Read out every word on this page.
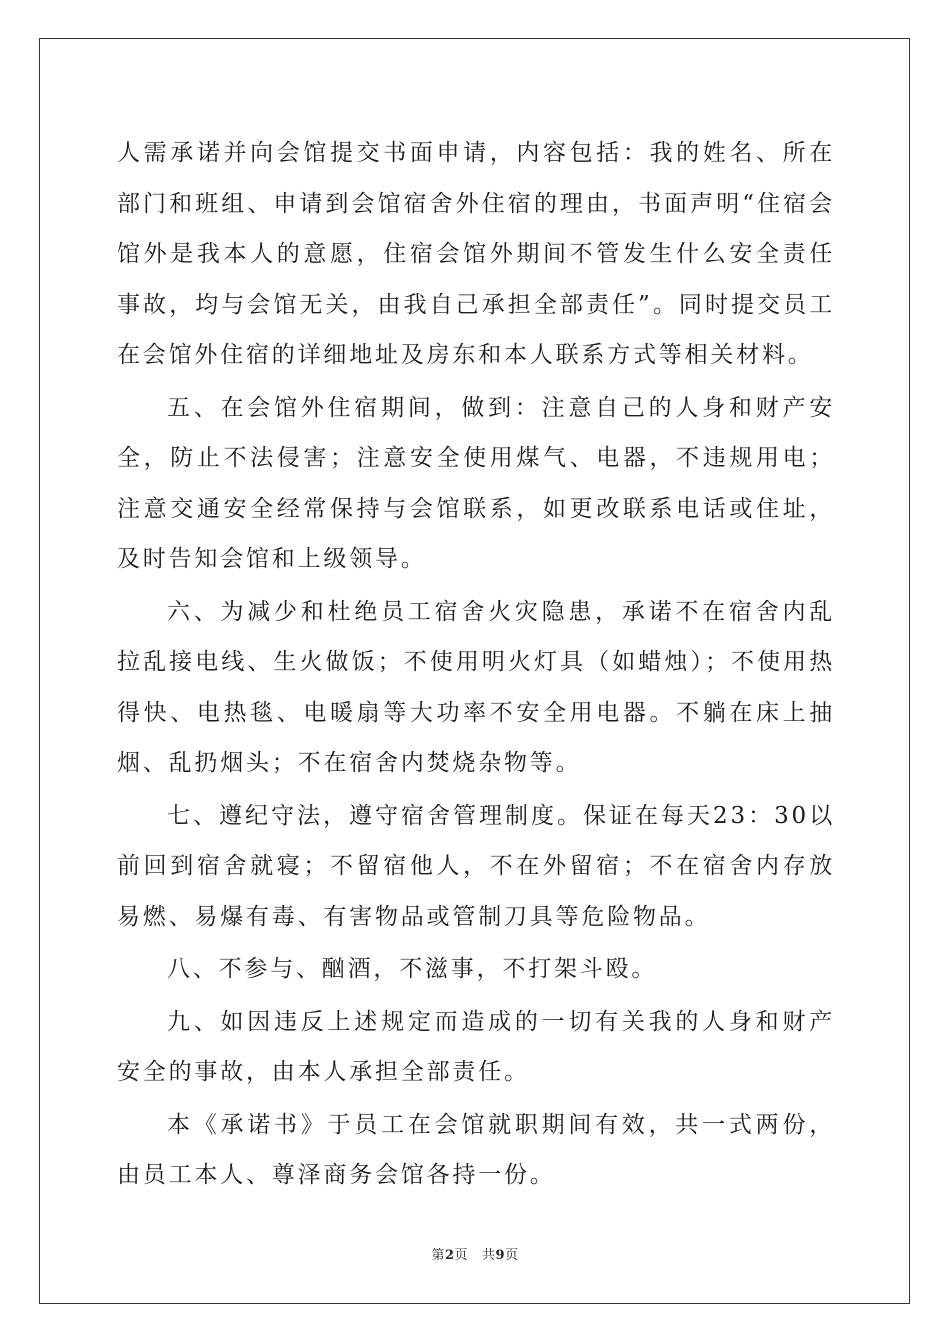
人需承诺并向会馆提交书面申请，内容包括：我的姓名、所在部门和班组、申请到会馆宿舍外住宿的理由，书面声明“住宿会馆外是我本人的意愿，住宿会馆外期间不管发生什么安全责任事故，均与会馆无关，由我自己承担全部责任”。同时提交员工在会馆外住宿的详细地址及房东和本人联系方式等相关材料。

五、在会馆外住宿期间，做到：注意自己的人身和财产安全，防止不法侵害；注意安全使用煤气、电器，不违规用电；注意交通安全经常保持与会馆联系，如更改联系电话或住址，及时告知会馆和上级领导。

六、为减少和杜绝员工宿舍火灾隐患，承诺不在宿舍内乱拉乱接电线、生火做饭；不使用明火灯具（如蜡烛）；不使用热得快、电热毯、电暖扇等大功率不安全用电器。不躺在床上抽烟、乱扔烟头；不在宿舍内焚烧杂物等。

七、遵纪守法，遵守宿舍管理制度。保证在每天23：30以前回到宿舍就寝；不留宿他人，不在外留宿；不在宿舍内存放易燃、易爆有毒、有害物品或管制刀具等危险物品。

八、不参与、酗酒，不滋事，不打架斗殴。

九、如因违反上述规定而造成的一切有关我的人身和财产安全的事故，由本人承担全部责任。

本《承诺书》于员工在会馆就职期间有效，共一式两份，由员工本人、尊泽商务会馆各持一份。

第2页 共9页
